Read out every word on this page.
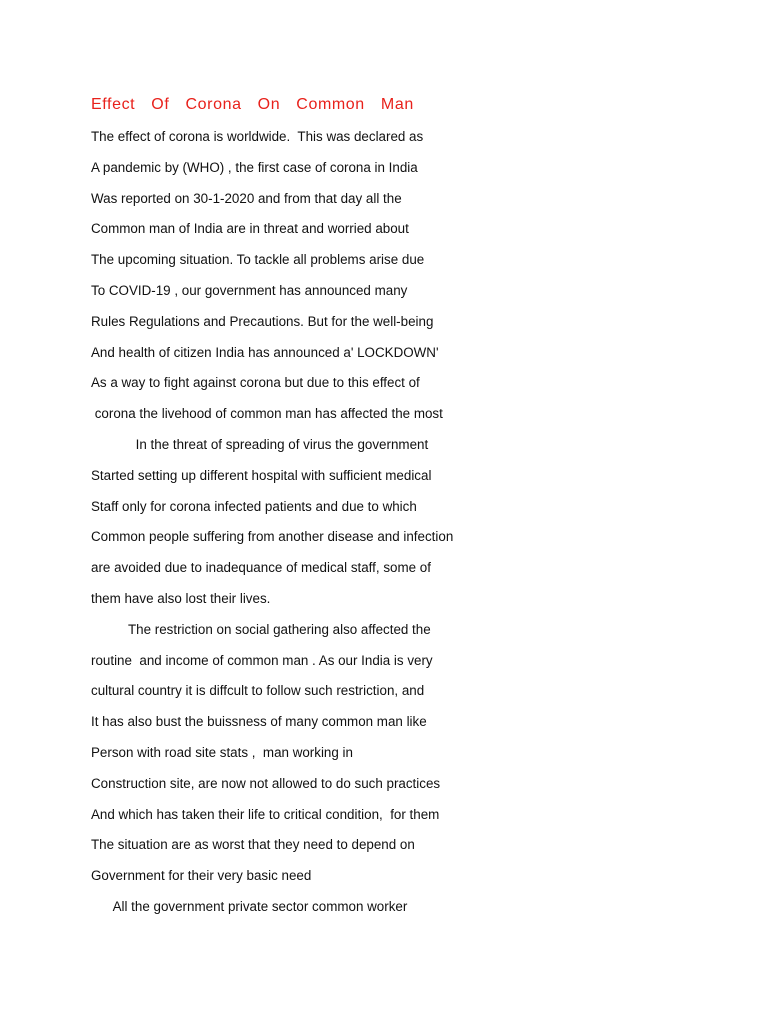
Effect  Of  Corona  On  Common  Man
The effect of corona is worldwide.  This was declared as
A pandemic by (WHO) , the first case of corona in India
Was reported on 30-1-2020 and from that day all the
Common man of India are in threat and worried about
The upcoming situation. To tackle all problems arise due
To COVID-19 , our government has announced many
Rules Regulations and Precautions. But for the well-being
And health of citizen India has announced a' LOCKDOWN'
As a way to fight against corona but due to this effect of
corona the livehood of common man has affected the most
In the threat of spreading of virus the government
Started setting up different hospital with sufficient medical
Staff only for corona infected patients and due to which
Common people suffering from another disease and infection
are avoided due to inadequance of medical staff, some of
them have also lost their lives.
The restriction on social gathering also affected the
routine  and income of common man . As our India is very
cultural country it is diffcult to follow such restriction, and
It has also bust the buissness of many common man like
Person with road site stats ,  man working in
Construction site, are now not allowed to do such practices
And which has taken their life to critical condition,  for them
The situation are as worst that they need to depend on
Government for their very basic need
All the government private sector common worker
